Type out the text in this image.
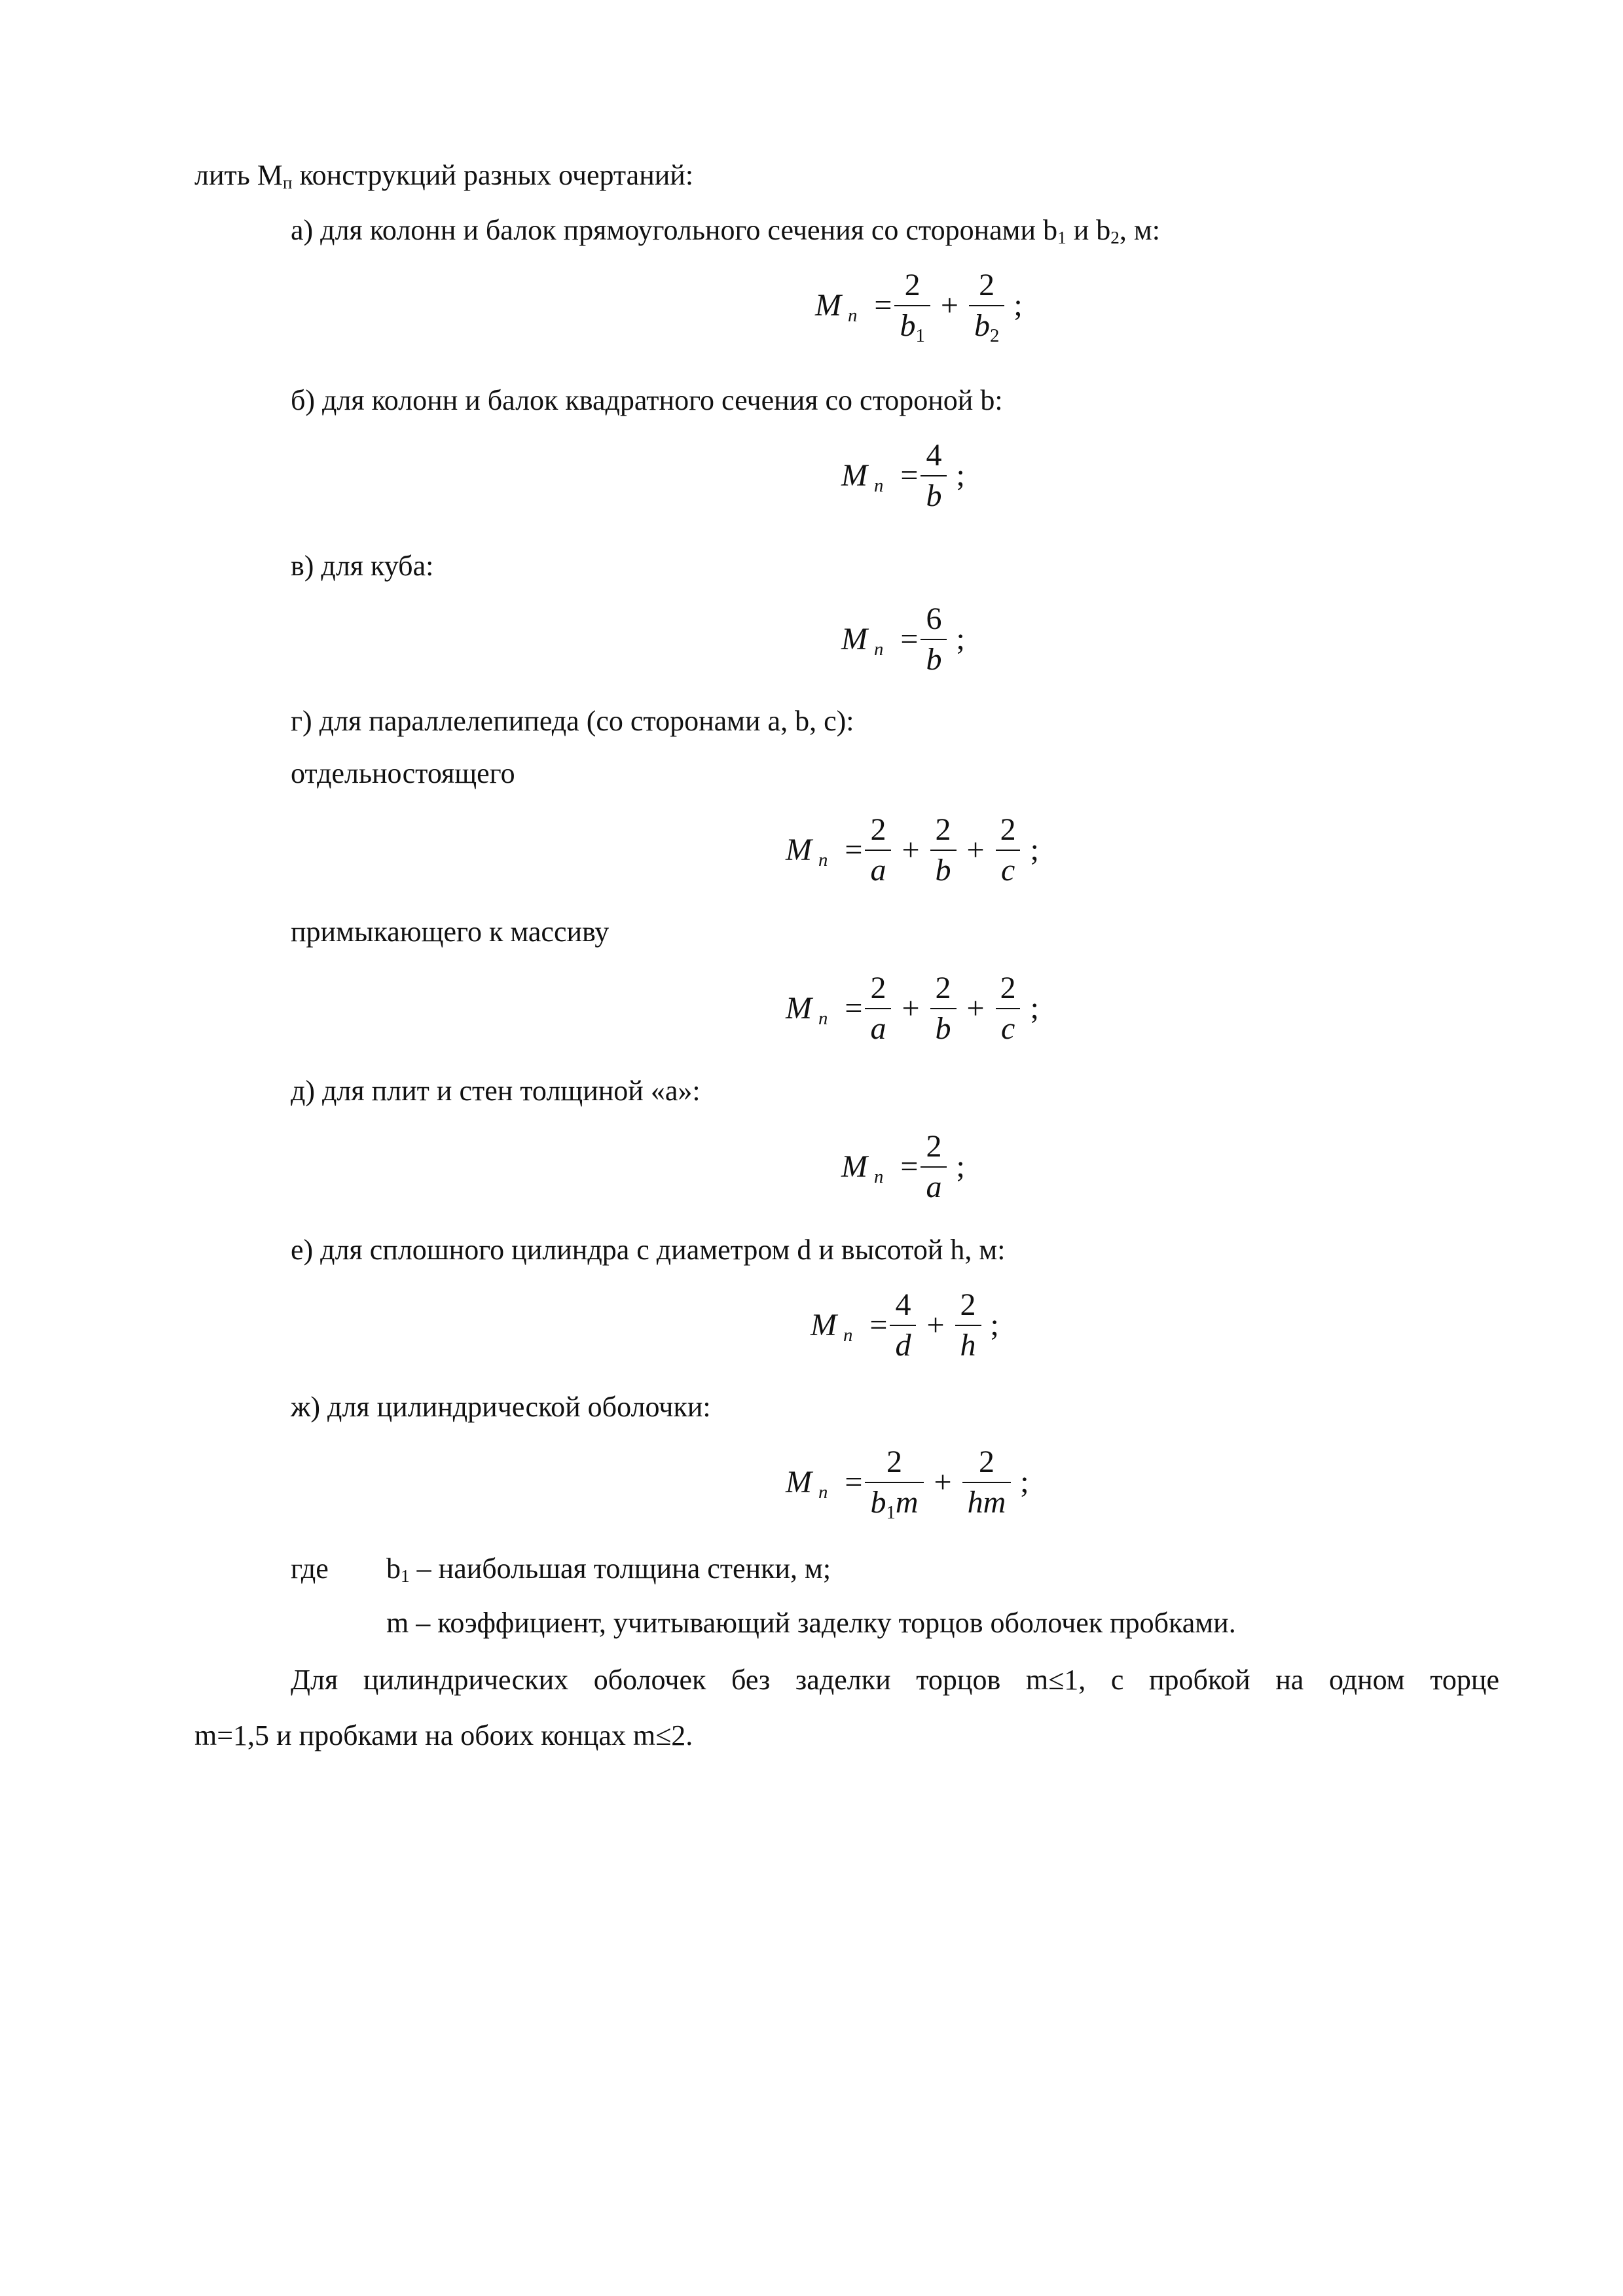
лить $М_п$ конструкций разных очертаний:
а) для колонн и балок прямоугольного сечения со сторонами $b_1$ и $b_2$, м:
M $n = \frac{2}{b1} + \frac{2}{b2}$ ;
б) для колонн и балок квадратного сечения со стороной b:
M $n = \frac{4}{b}$ ;
в) для куба:
M $n = \frac{6}{b}$ ;
г) для параллелепипеда (со сторонами а, b, с):
отдельностоящего
M $n = \frac{2}{a} + \frac{2}{b} + \frac{2}{c}$ ;
примыкающего к массиву
M $n = \frac{2}{a} + \frac{2}{b} + \frac{2}{c}$ ;
д) для плит и стен толщиной «а»:
M $n = \frac{2}{a}$ ;
е) для сплошного цилиндра с диаметром d и высотой h, м:
M $n = \frac{4}{d} + \frac{2}{h}$ ;
ж) для цилиндрической оболочки:
M $n = \frac{2}{b1m} + \frac{2}{hm}$ ;
где $b_1$ – наибольшая толщина стенки, м;
m – коэффициент, учитывающий заделку торцов оболочек пробками.
Для цилиндрических оболочек без заделки торцов m≤1, с пробкой на одном торце
m=1,5 и пробками на обоих концах m≤2.
